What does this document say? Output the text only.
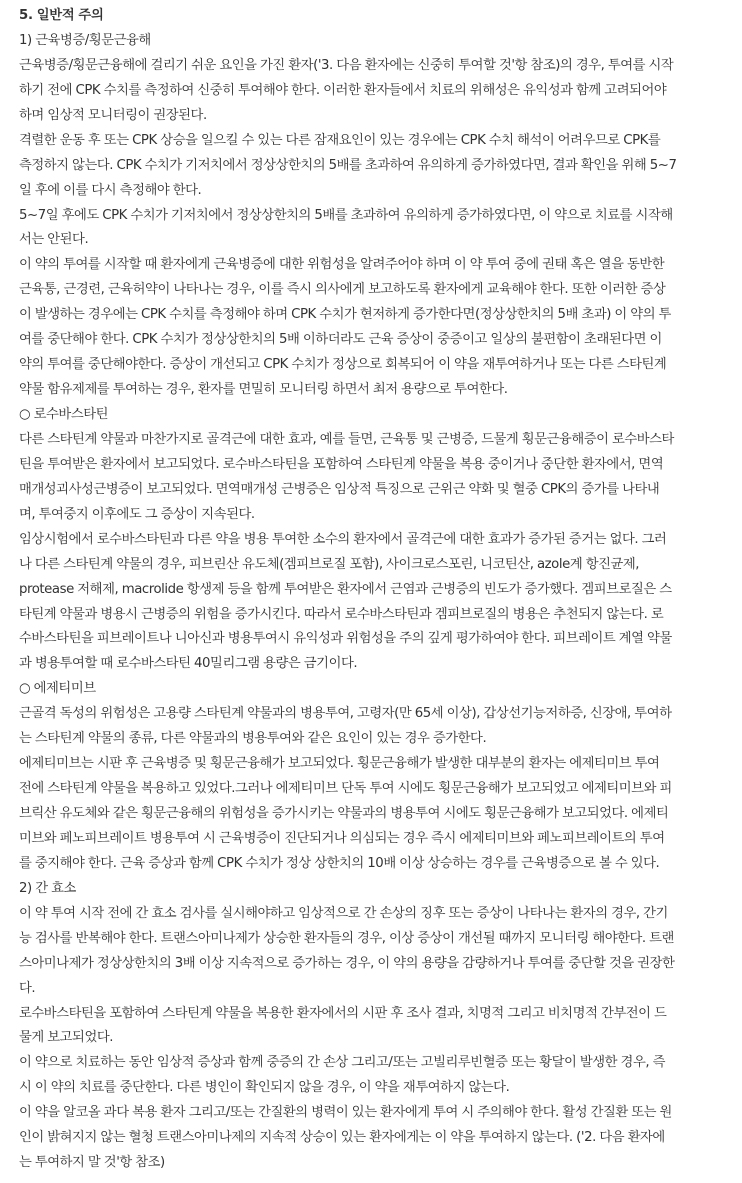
5. 일반적 주의
1) 근육병증/횡문근융해
근육병증/횡문근융해에 걸리기 쉬운 요인을 가진 환자('3. 다음 환자에는 신중히 투여할 것'항 참조)의 경우, 투여를 시작
하기 전에 CPK 수치를 측정하여 신중히 투여해야 한다. 이러한 환자들에서 치료의 위해성은 유익성과 함께 고려되어야
하며 임상적 모니터링이 권장된다.
격렬한 운동 후 또는 CPK 상승을 일으킬 수 있는 다른 잠재요인이 있는 경우에는 CPK 수치 해석이 어려우므로 CPK를
측정하지 않는다. CPK 수치가 기저치에서 정상상한치의 5배를 초과하여 유의하게 증가하였다면, 결과 확인을 위해 5~7
일 후에 이를 다시 측정해야 한다.
5~7일 후에도 CPK 수치가 기저치에서 정상상한치의 5배를 초과하여 유의하게 증가하였다면, 이 약으로 치료를 시작해
서는 안된다.
이 약의 투여를 시작할 때 환자에게 근육병증에 대한 위험성을 알려주어야 하며 이 약 투여 중에 권태 혹은 열을 동반한
근육통, 근경련, 근육허약이 나타나는 경우, 이를 즉시 의사에게 보고하도록 환자에게 교육해야 한다. 또한 이러한 증상
이 발생하는 경우에는 CPK 수치를 측정해야 하며 CPK 수치가 현저하게 증가한다면(정상상한치의 5배 초과) 이 약의 투
여를 중단해야 한다. CPK 수치가 정상상한치의 5배 이하더라도 근육 증상이 중증이고 일상의 불편함이 초래된다면 이
약의 투여를 중단해야한다. 증상이 개선되고 CPK 수치가 정상으로 회복되어 이 약을 재투여하거나 또는 다른 스타틴계
약물 함유제제를 투여하는 경우, 환자를 면밀히 모니터링 하면서 최저 용량으로 투여한다.
○ 로수바스타틴
다른 스타틴계 약물과 마찬가지로 골격근에 대한 효과, 예를 들면, 근육통 및 근병증, 드물게 횡문근융해증이 로수바스타
틴을 투여받은 환자에서 보고되었다. 로수바스타틴을 포함하여 스타틴계 약물을 복용 중이거나 중단한 환자에서, 면역
매개성괴사성근병증이 보고되었다. 면역매개성 근병증은 임상적 특징으로 근위근 약화 및 혈중 CPK의 증가를 나타내
며, 투여중지 이후에도 그 증상이 지속된다.
임상시험에서 로수바스타틴과 다른 약을 병용 투여한 소수의 환자에서 골격근에 대한 효과가 증가된 증거는 없다. 그러
나 다른 스타틴계 약물의 경우, 피브린산 유도체(겜피브로질 포함), 사이크로스포린, 니코틴산, azole계 항진균제,
protease 저해제, macrolide 항생제 등을 함께 투여받은 환자에서 근염과 근병증의 빈도가 증가했다. 겜피브로질은 스
타틴계 약물과 병용시 근병증의 위험을 증가시킨다. 따라서 로수바스타틴과 겜피브로질의 병용은 추천되지 않는다. 로
수바스타틴을 피브레이트나 니아신과 병용투여시 유익성과 위험성을 주의 깊게 평가하여야 한다. 피브레이트 계열 약물
과 병용투여할 때 로수바스타틴 40밀리그램 용량은 금기이다.
○ 에제티미브
근골격 독성의 위험성은 고용량 스타틴계 약물과의 병용투여, 고령자(만 65세 이상), 갑상선기능저하증, 신장애, 투여하
는 스타틴계 약물의 종류, 다른 약물과의 병용투여와 같은 요인이 있는 경우 증가한다.
에제티미브는 시판 후 근육병증 및 횡문근융해가 보고되었다. 횡문근융해가 발생한 대부분의 환자는 에제티미브 투여
전에 스타틴계 약물을 복용하고 있었다.그러나 에제티미브 단독 투여 시에도 횡문근융해가 보고되었고 에제티미브와 피
브릭산 유도체와 같은 횡문근융해의 위험성을 증가시키는 약물과의 병용투여 시에도 횡문근융해가 보고되었다. 에제티
미브와 페노피브레이트 병용투여 시 근육병증이 진단되거나 의심되는 경우 즉시 에제티미브와 페노피브레이트의 투여
를 중지해야 한다. 근육 증상과 함께 CPK 수치가 정상 상한치의 10배 이상 상승하는 경우를 근육병증으로 볼 수 있다.
2) 간 효소
이 약 투여 시작 전에 간 효소 검사를 실시해야하고 임상적으로 간 손상의 징후 또는 증상이 나타나는 환자의 경우, 간기
능 검사를 반복해야 한다. 트랜스아미나제가 상승한 환자들의 경우, 이상 증상이 개선될 때까지 모니터링 해야한다. 트랜
스아미나제가 정상상한치의 3배 이상 지속적으로 증가하는 경우, 이 약의 용량을 감량하거나 투여를 중단할 것을 권장한
다.
로수바스타틴을 포함하여 스타틴계 약물을 복용한 환자에서의 시판 후 조사 결과, 치명적 그리고 비치명적 간부전이 드
물게 보고되었다.
이 약으로 치료하는 동안 임상적 증상과 함께 중증의 간 손상 그리고/또는 고빌리루빈혈증 또는 황달이 발생한 경우, 즉
시 이 약의 치료를 중단한다. 다른 병인이 확인되지 않을 경우, 이 약을 재투여하지 않는다.
이 약을 알코올 과다 복용 환자 그리고/또는 간질환의 병력이 있는 환자에게 투여 시 주의해야 한다. 활성 간질환 또는 원
인이 밝혀지지 않는 혈청 트랜스아미나제의 지속적 상승이 있는 환자에게는 이 약을 투여하지 않는다. ('2. 다음 환자에
는 투여하지 말 것'항 참조)
